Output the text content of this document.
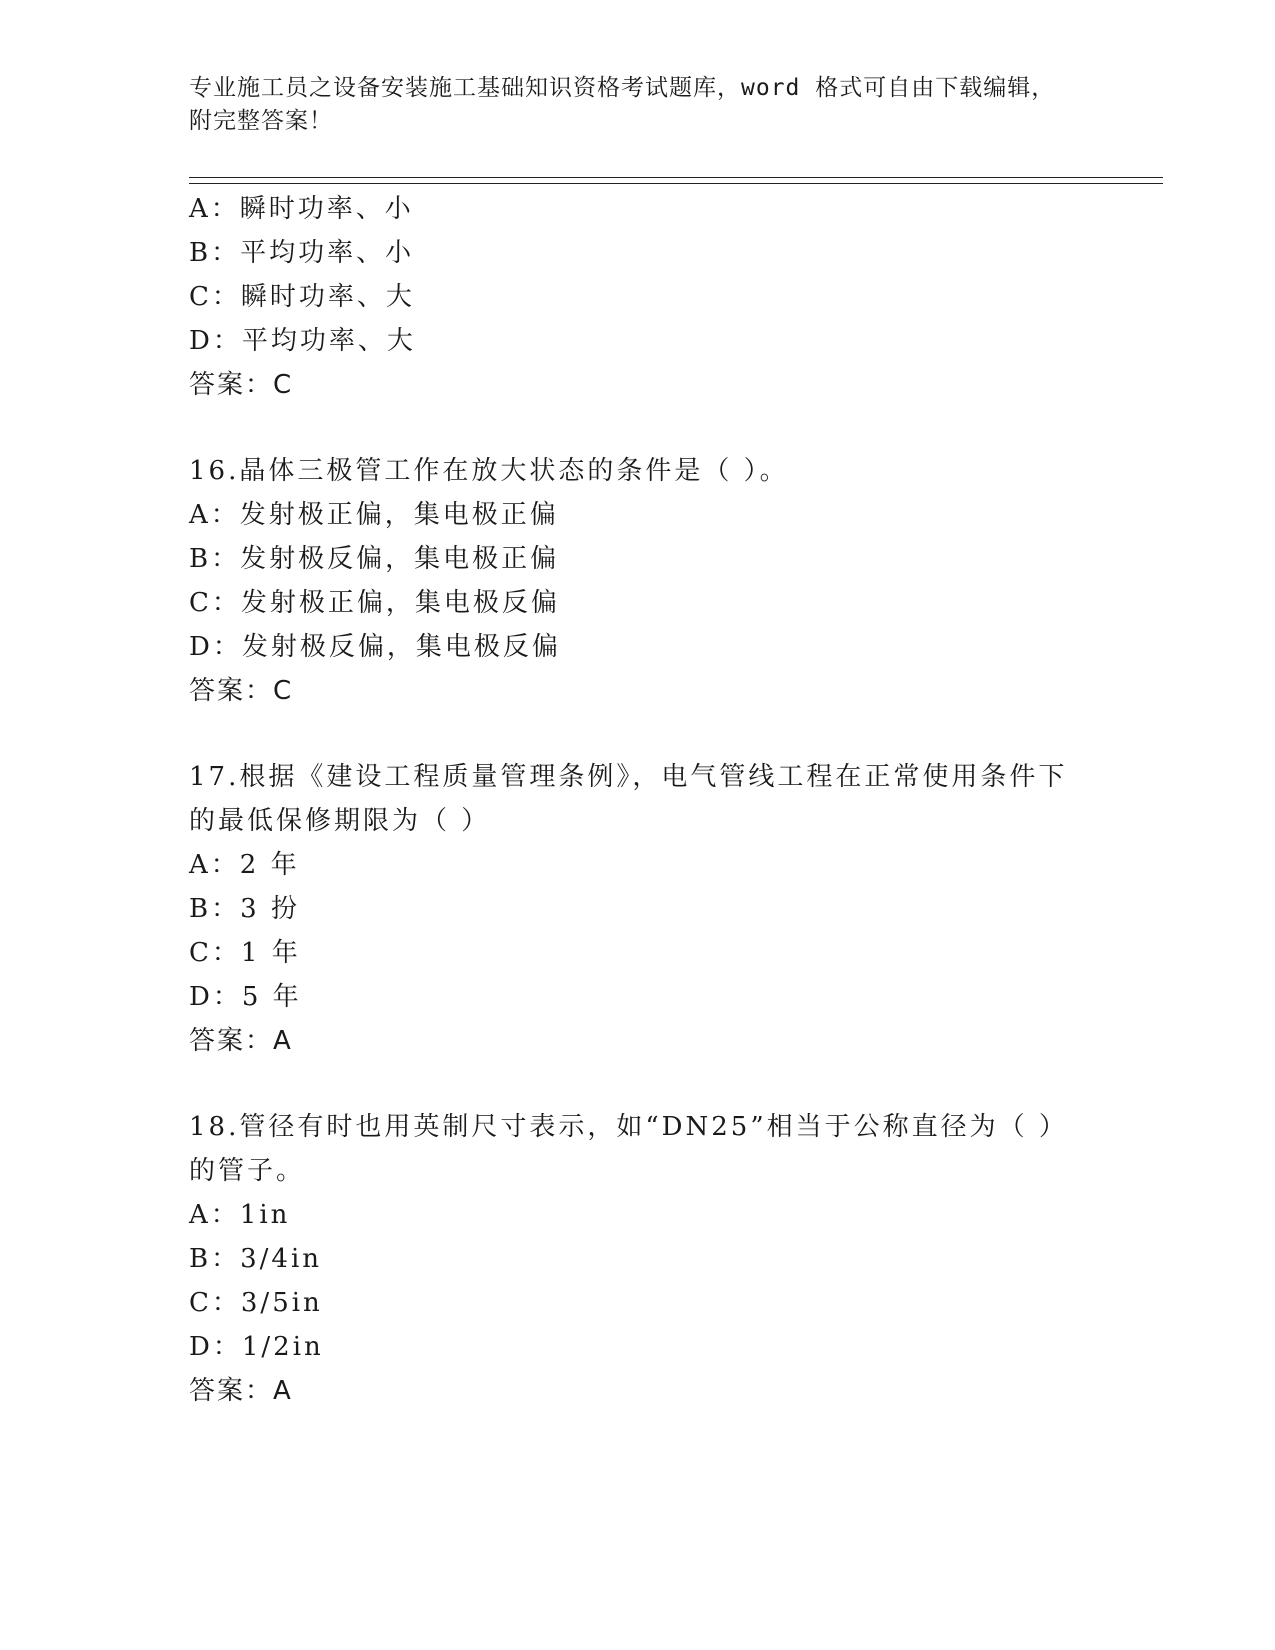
专业施工员之设备安装施工基础知识资格考试题库，word 格式可自由下载编辑，
附完整答案！
A：瞬时功率、小
B：平均功率、小
C：瞬时功率、大
D：平均功率、大
答案：C
16.晶体三极管工作在放大状态的条件是（ ）。
A：发射极正偏，集电极正偏
B：发射极反偏，集电极正偏
C：发射极正偏，集电极反偏
D：发射极反偏，集电极反偏
答案：C
17.根据《建设工程质量管理条例》，电气管线工程在正常使用条件下
的最低保修期限为（ ）
A：2 年
B：3 扮
C：1 年
D：5 年
答案：A
18.管径有时也用英制尺寸表示，如“DN25”相当于公称直径为（ ）
的管子。
A：1in
B：3/4in
C：3/5in
D：1/2in
答案：A
